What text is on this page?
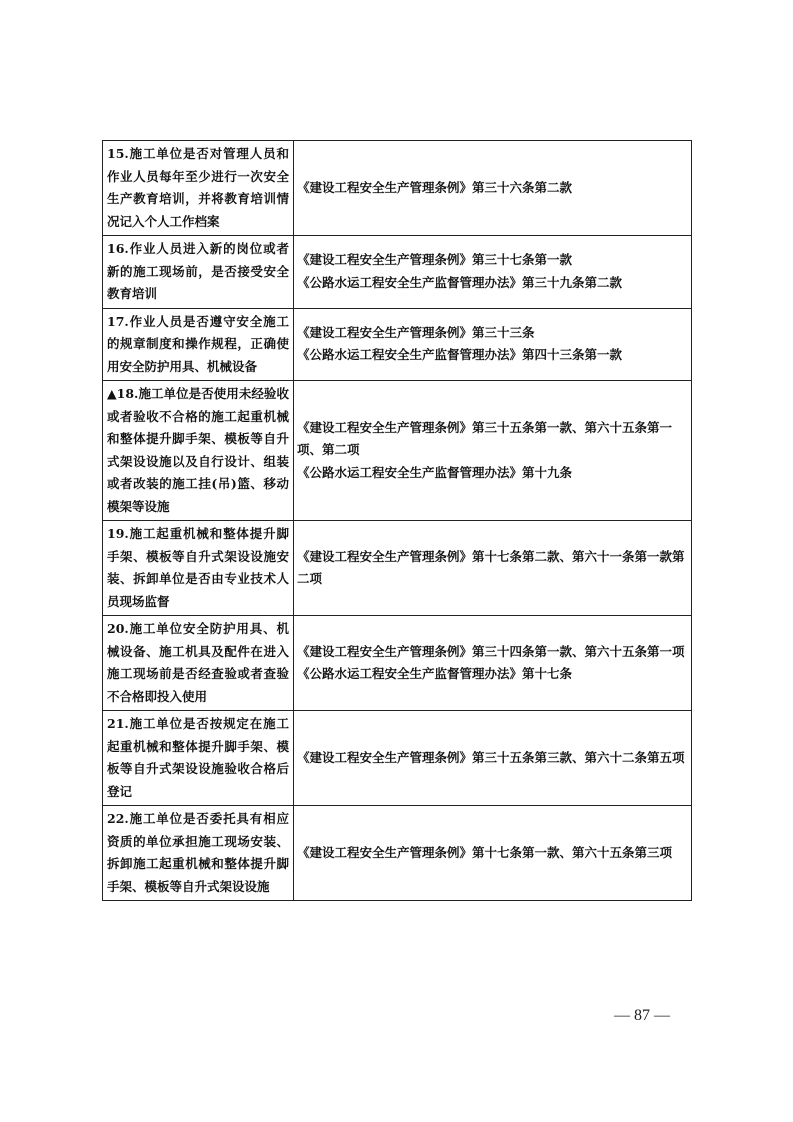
15.施工单位是否对管理人员和作业人员每年至少进行一次安全生产教育培训，并将教育培训情况记入个人工作档案	《建设工程安全生产管理条例》第三十六条第二款

16.作业人员进入新的岗位或者新的施工现场前，是否接受安全教育培训	《建设工程安全生产管理条例》第三十七条第一款
《公路水运工程安全生产监督管理办法》第三十九条第二款

17.作业人员是否遵守安全施工的规章制度和操作规程，正确使用安全防护用具、机械设备	《建设工程安全生产管理条例》第三十三条
《公路水运工程安全生产监督管理办法》第四十三条第一款

▲18.施工单位是否使用未经验收或者验收不合格的施工起重机械和整体提升脚手架、模板等自升式架设设施以及自行设计、组装或者改装的施工挂(吊)篮、移动模架等设施	《建设工程安全生产管理条例》第三十五条第一款、第六十五条第一项、第二项
《公路水运工程安全生产监督管理办法》第十九条

19.施工起重机械和整体提升脚手架、模板等自升式架设设施安装、拆卸单位是否由专业技术人员现场监督	《建设工程安全生产管理条例》第十七条第二款、第六十一条第一款第二项

20.施工单位安全防护用具、机械设备、施工机具及配件在进入施工现场前是否经查验或者查验不合格即投入使用	《建设工程安全生产管理条例》第三十四条第一款、第六十五条第一项
《公路水运工程安全生产监督管理办法》第十七条

21.施工单位是否按规定在施工起重机械和整体提升脚手架、模板等自升式架设设施验收合格后登记	《建设工程安全生产管理条例》第三十五条第三款、第六十二条第五项

22.施工单位是否委托具有相应资质的单位承担施工现场安装、拆卸施工起重机械和整体提升脚手架、模板等自升式架设设施	《建设工程安全生产管理条例》第十七条第一款、第六十五条第三项
— 87 —
